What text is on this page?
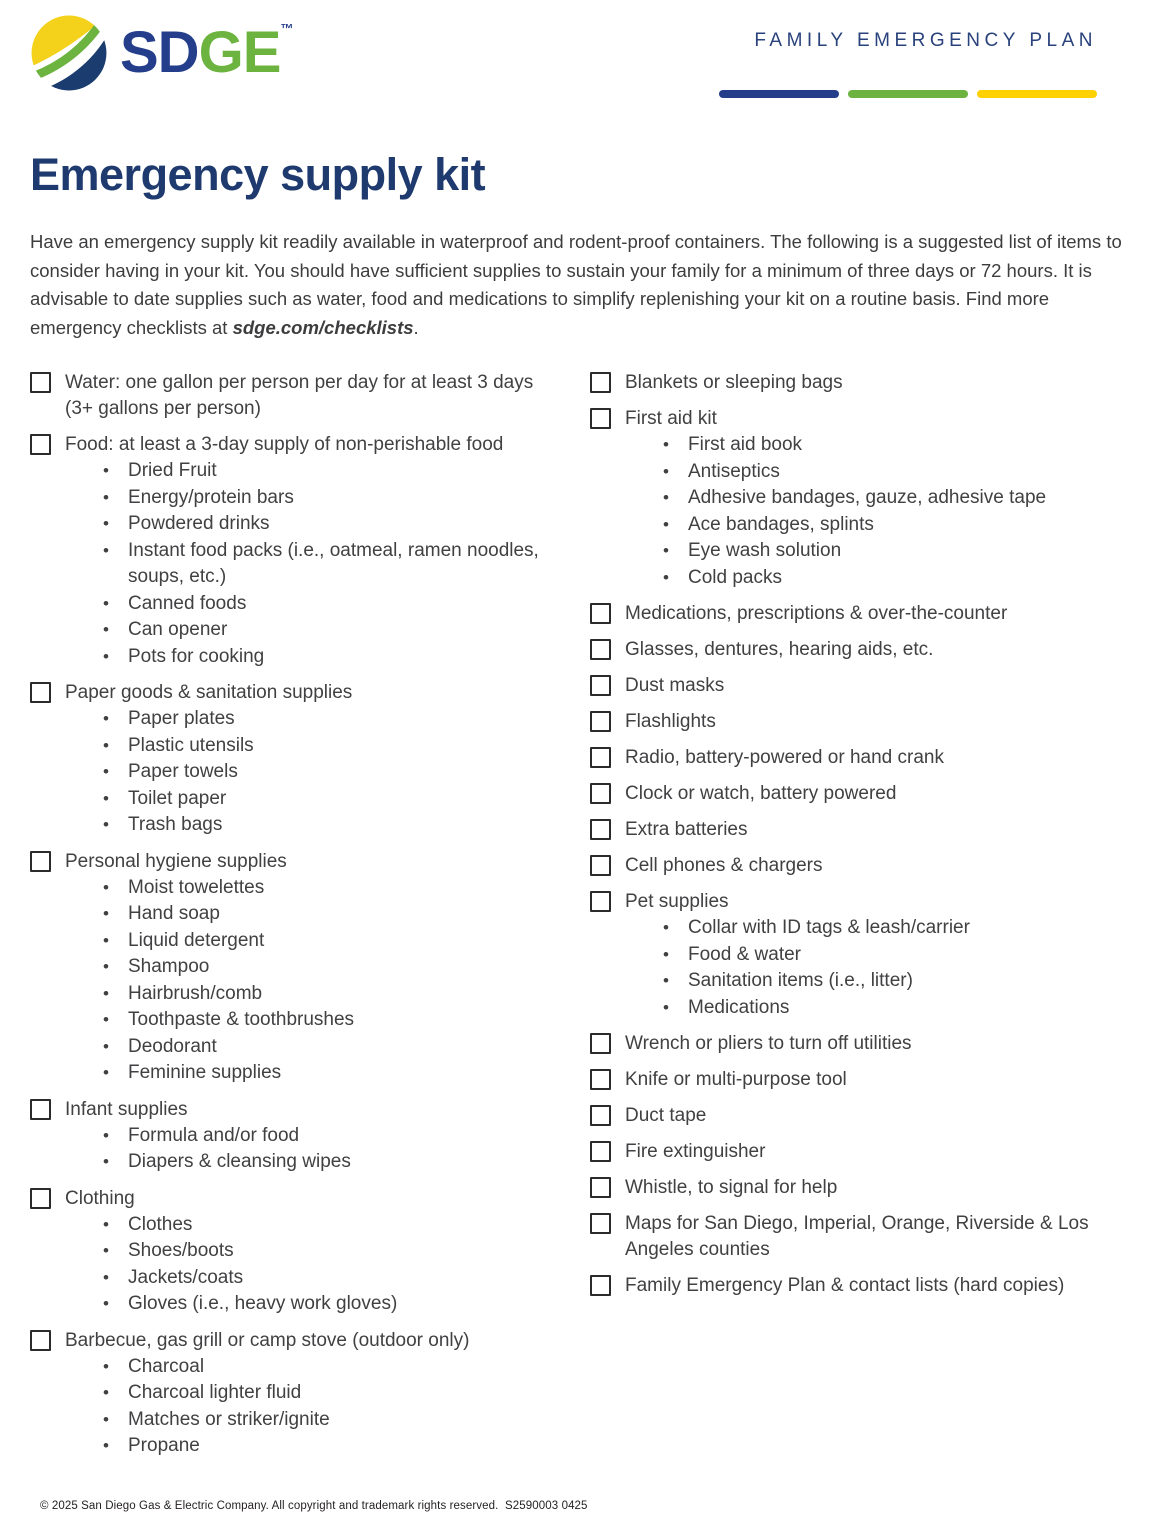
SDGE™
FAMILY EMERGENCY PLAN
Emergency supply kit

Have an emergency supply kit readily available in waterproof and rodent-proof containers. The following is a suggested list of items to consider having in your kit. You should have sufficient supplies to sustain your family for a minimum of three days or 72 hours. It is advisable to date supplies such as water, food and medications to simplify replenishing your kit on a routine basis. Find more emergency checklists at sdge.com/checklists.

Water: one gallon per person per day for at least 3 days (3+ gallons per person)
Food: at least a 3-day supply of non-perishable food
• Dried Fruit
• Energy/protein bars
• Powdered drinks
• Instant food packs (i.e., oatmeal, ramen noodles, soups, etc.)
• Canned foods
• Can opener
• Pots for cooking
Paper goods & sanitation supplies
• Paper plates
• Plastic utensils
• Paper towels
• Toilet paper
• Trash bags
Personal hygiene supplies
• Moist towelettes
• Hand soap
• Liquid detergent
• Shampoo
• Hairbrush/comb
• Toothpaste & toothbrushes
• Deodorant
• Feminine supplies
Infant supplies
• Formula and/or food
• Diapers & cleansing wipes
Clothing
• Clothes
• Shoes/boots
• Jackets/coats
• Gloves (i.e., heavy work gloves)
Barbecue, gas grill or camp stove (outdoor only)
• Charcoal
• Charcoal lighter fluid
• Matches or striker/ignite
• Propane
Blankets or sleeping bags
First aid kit
• First aid book
• Antiseptics
• Adhesive bandages, gauze, adhesive tape
• Ace bandages, splints
• Eye wash solution
• Cold packs
Medications, prescriptions & over-the-counter
Glasses, dentures, hearing aids, etc.
Dust masks
Flashlights
Radio, battery-powered or hand crank
Clock or watch, battery powered
Extra batteries
Cell phones & chargers
Pet supplies
• Collar with ID tags & leash/carrier
• Food & water
• Sanitation items (i.e., litter)
• Medications
Wrench or pliers to turn off utilities
Knife or multi-purpose tool
Duct tape
Fire extinguisher
Whistle, to signal for help
Maps for San Diego, Imperial, Orange, Riverside & Los Angeles counties
Family Emergency Plan & contact lists (hard copies)
© 2025 San Diego Gas & Electric Company. All copyright and trademark rights reserved.  S2590003 0425
